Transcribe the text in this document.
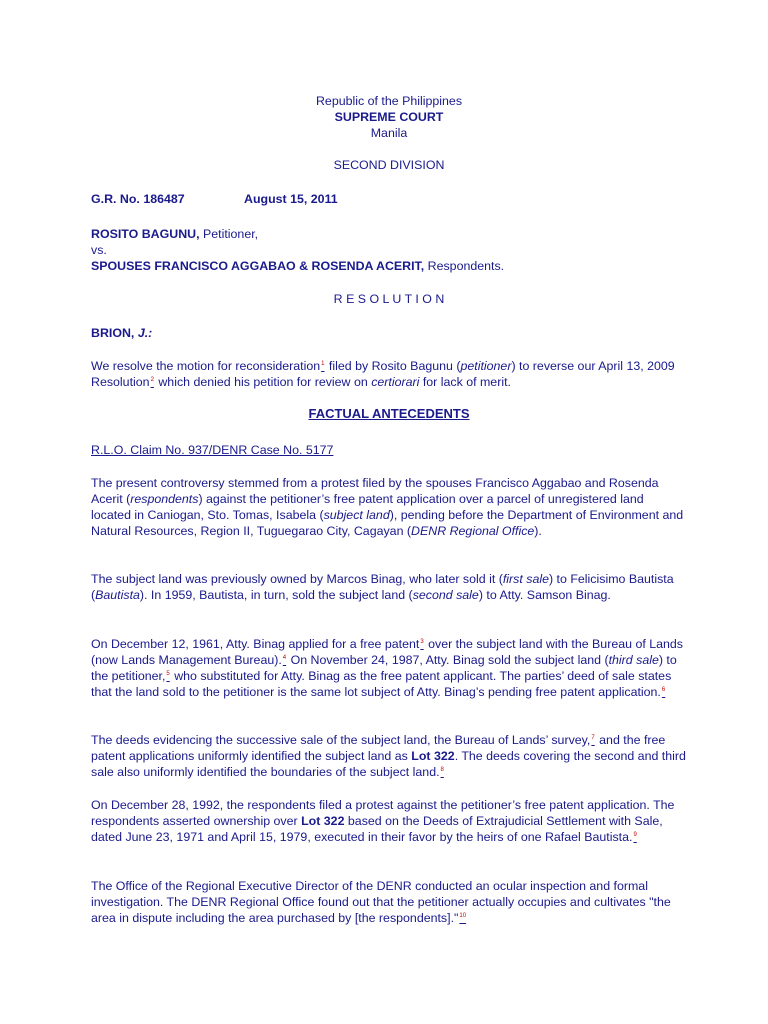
Republic of the Philippines
SUPREME COURT
Manila
SECOND DIVISION
G.R. No. 186487	August 15, 2011
ROSITO BAGUNU, Petitioner,
vs.
SPOUSES FRANCISCO AGGABAO & ROSENDA ACERIT, Respondents.
R E S O L U T I O N
BRION, J.:

We resolve the motion for reconsideration$^1$ filed by Rosito Bagunu (petitioner) to reverse our April 13, 2009 Resolution$^2$ which denied his petition for review on certiorari for lack of merit.

FACTUAL ANTECEDENTS
R.L.O. Claim No. 937/DENR Case No. 5177

The present controversy stemmed from a protest filed by the spouses Francisco Aggabao and Rosenda Acerit (respondents) against the petitioner’s free patent application over a parcel of unregistered land located in Caniogan, Sto. Tomas, Isabela (subject land), pending before the Department of Environment and Natural Resources, Region II, Tuguegarao City, Cagayan (DENR Regional Office).

The subject land was previously owned by Marcos Binag, who later sold it (first sale) to Felicisimo Bautista (Bautista). In 1959, Bautista, in turn, sold the subject land (second sale) to Atty. Samson Binag.

On December 12, 1961, Atty. Binag applied for a free patent$^3$ over the subject land with the Bureau of Lands (now Lands Management Bureau).$^4$ On November 24, 1987, Atty. Binag sold the subject land (third sale) to the petitioner,$^5$ who substituted for Atty. Binag as the free patent applicant. The parties’ deed of sale states that the land sold to the petitioner is the same lot subject of Atty. Binag’s pending free patent application.$^6$

The deeds evidencing the successive sale of the subject land, the Bureau of Lands’ survey,$^7$ and the free patent applications uniformly identified the subject land as Lot 322. The deeds covering the second and third sale also uniformly identified the boundaries of the subject land.$^8$

On December 28, 1992, the respondents filed a protest against the petitioner’s free patent application. The respondents asserted ownership over Lot 322 based on the Deeds of Extrajudicial Settlement with Sale, dated June 23, 1971 and April 15, 1979, executed in their favor by the heirs of one Rafael Bautista.$^9$

The Office of the Regional Executive Director of the DENR conducted an ocular inspection and formal investigation. The DENR Regional Office found out that the petitioner actually occupies and cultivates "the area in dispute including the area purchased by [the respondents]."$^{10}$
